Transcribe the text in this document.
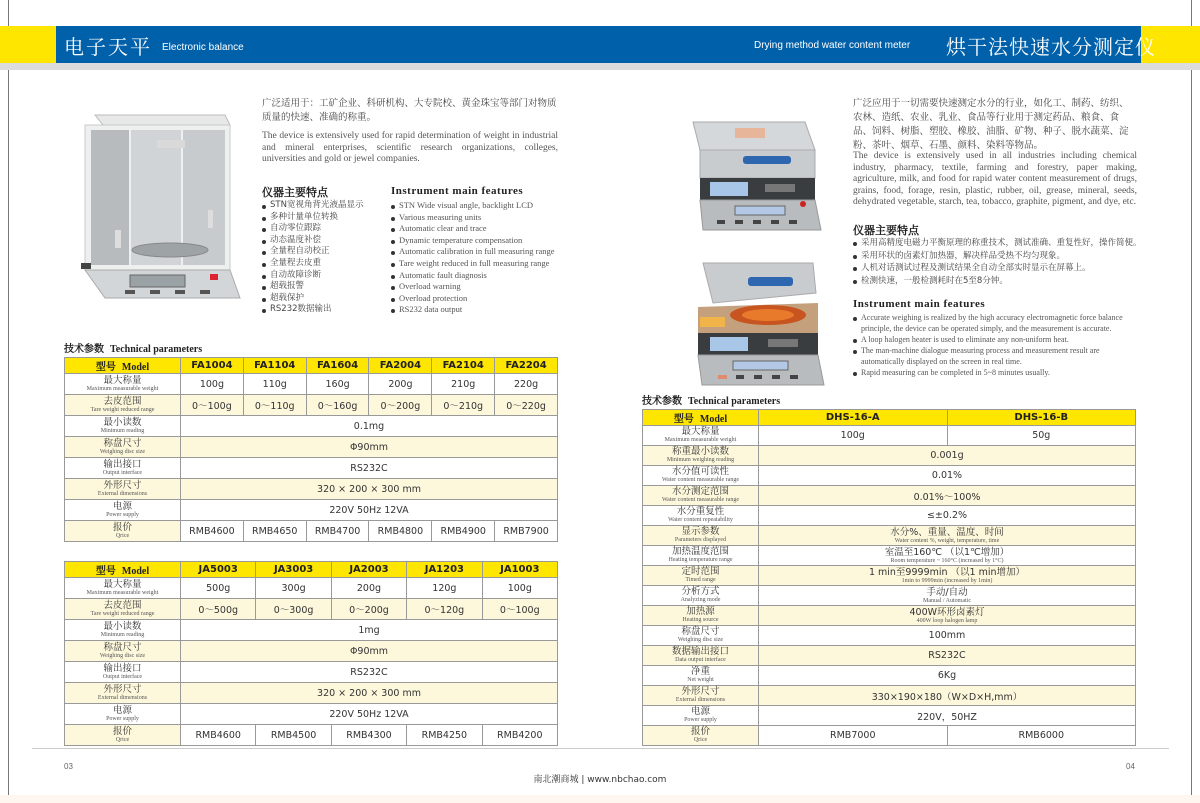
电子天平 Electronic balance	Drying method water content meter 烘干法快速水分测定仪
广泛适用于：工矿企业、科研机构、大专院校、黄金珠宝等部门对物质质量的快速、准确的称重。
The device is extensively used for rapid determination of weight in industrial and mineral enterprises, scientific research organizations, colleges, universities and gold or jewel companies.
仪器主要特点	Instrument main features
STN宽视角背光液晶显示
多种计量单位转换
自动零位跟踪
动态温度补偿
全量程自动校正
全量程去皮重
自动故障诊断
超载报警
超载保护
RS232数据输出
STN Wide visual angle, backlight LCD
Various measuring units
Automatic clear and trace
Dynamic temperature compensation
Automatic calibration in full measuring range
Tare weight reduced in full measuring range
Automatic fault diagnosis
Overload warning
Overload protection
RS232 data output
技术参数 Technical parameters
型号 Model	FA1004	FA1104	FA1604	FA2004	FA2104	FA2204

最大称量
Maximum measurable weight	100g	110g	160g	200g	210g	220g

去皮范围
Tare weight reduced range	0～100g	0～110g	0～160g	0～200g	0～210g	0～220g

最小读数
Minimum reading	0.1mg					

称盘尺寸
Weighing disc size	Φ90mm					

输出接口
Output interface	RS232C					

外形尺寸
External dimensions	320 × 200 × 300 mm					

电源
Power supply	220V 50Hz 12VA					

报价
Qrice	RMB4600	RMB4650	RMB4700	RMB4800	RMB4900	RMB7900
型号 Model	JA5003	JA3003	JA2003	JA1203	JA1003

最大称量
Maximum measurable weight	500g	300g	200g	120g	100g

去皮范围
Tare weight reduced range	0～500g	0～300g	0～200g	0～120g	0～100g

最小读数
Minimum reading	1mg				

称盘尺寸
Weighing disc size	Φ90mm				

输出接口
Output interface	RS232C				

外形尺寸
External dimensions	320 × 200 × 300 mm				

电源
Power supply	220V 50Hz 12VA				

报价
Qrice	RMB4600	RMB4500	RMB4300	RMB4250	RMB4200
广泛应用于一切需要快速测定水分的行业，如化工、制药、纺织、农林、造纸、农业、乳业、食品等行业用于测定药品、粮食、食品、饲料、树脂、塑胶、橡胶、油脂、矿物、种子、脱水蔬菜、淀粉、茶叶、烟草、石墨、颜料、染料等物品。
The device is extensively used in all industries including chemical industry, pharmacy, textile, farming and forestry, paper making, agriculture, milk, and food for rapid water content measurement of drugs, grains, food, forage, resin, plastic, rubber, oil, grease, mineral, seeds, dehydrated vegetable, starch, tea, tobacco, graphite, pigment, and dye, etc.
仪器主要特点
采用高精度电磁力平衡原理的称重技术，测试准确、重复性好，操作简便。
采用环状的卤素灯加热器，解决样品受热不均匀现象。
人机对话测试过程及测试结果全自动全部实时显示在屏幕上。
检测快速，一般检测耗时在5至8分钟。
Instrument main features
Accurate weighing is realized by the high accuracy electromagnetic force balance principle, the device can be operated simply, and the measurement is accurate.
A loop halogen heater is used to eliminate any non-uniform heat.
The man-machine dialogue measuring process and measurement result are automatically displayed on the screen in real time.
Rapid measuring can be completed in 5~8 minutes usually.
技术参数 Technical parameters
型号 Model	DHS-16-A	DHS-16-B

最大称量
Maximum measurable weight	100g	50g

称重最小读数
Minimum weighing reading	0.001g	

水分值可读性
Water content measurable range	0.01%	

水分测定范围
Water content measurable range	0.01%～100%	

水分重复性
Water content repeatability	≤±0.2%	

显示参数
Parameters displayed	水分%、重量、温度、时间
Water content %, weight, temperature, time	

加热温度范围
Heating temperature range	室温至160℃ （以1℃增加）
Room temperature ~ 160°C (increased by 1°C)	

定时范围
Timed range	1 min至9999min （以1 min增加）
1min to 9999min (increased by 1min)	

分析方式
Analyzing mode	手动/自动
Manual / Automatic	

加热源
Heating source	400W环形卤素灯
400W loop halogen lamp	

称盘尺寸
Weighing disc size	100mm	

数据输出接口
Data output interface	RS232C	

净重
Net weight	6Kg	

外形尺寸
External dimensions	330×190×180（W×D×H,mm）	

电源
Power supply	220V，50HZ	

报价
Qrice	RMB7000	RMB6000
03	04
南北潮商城 | www.nbchao.com
